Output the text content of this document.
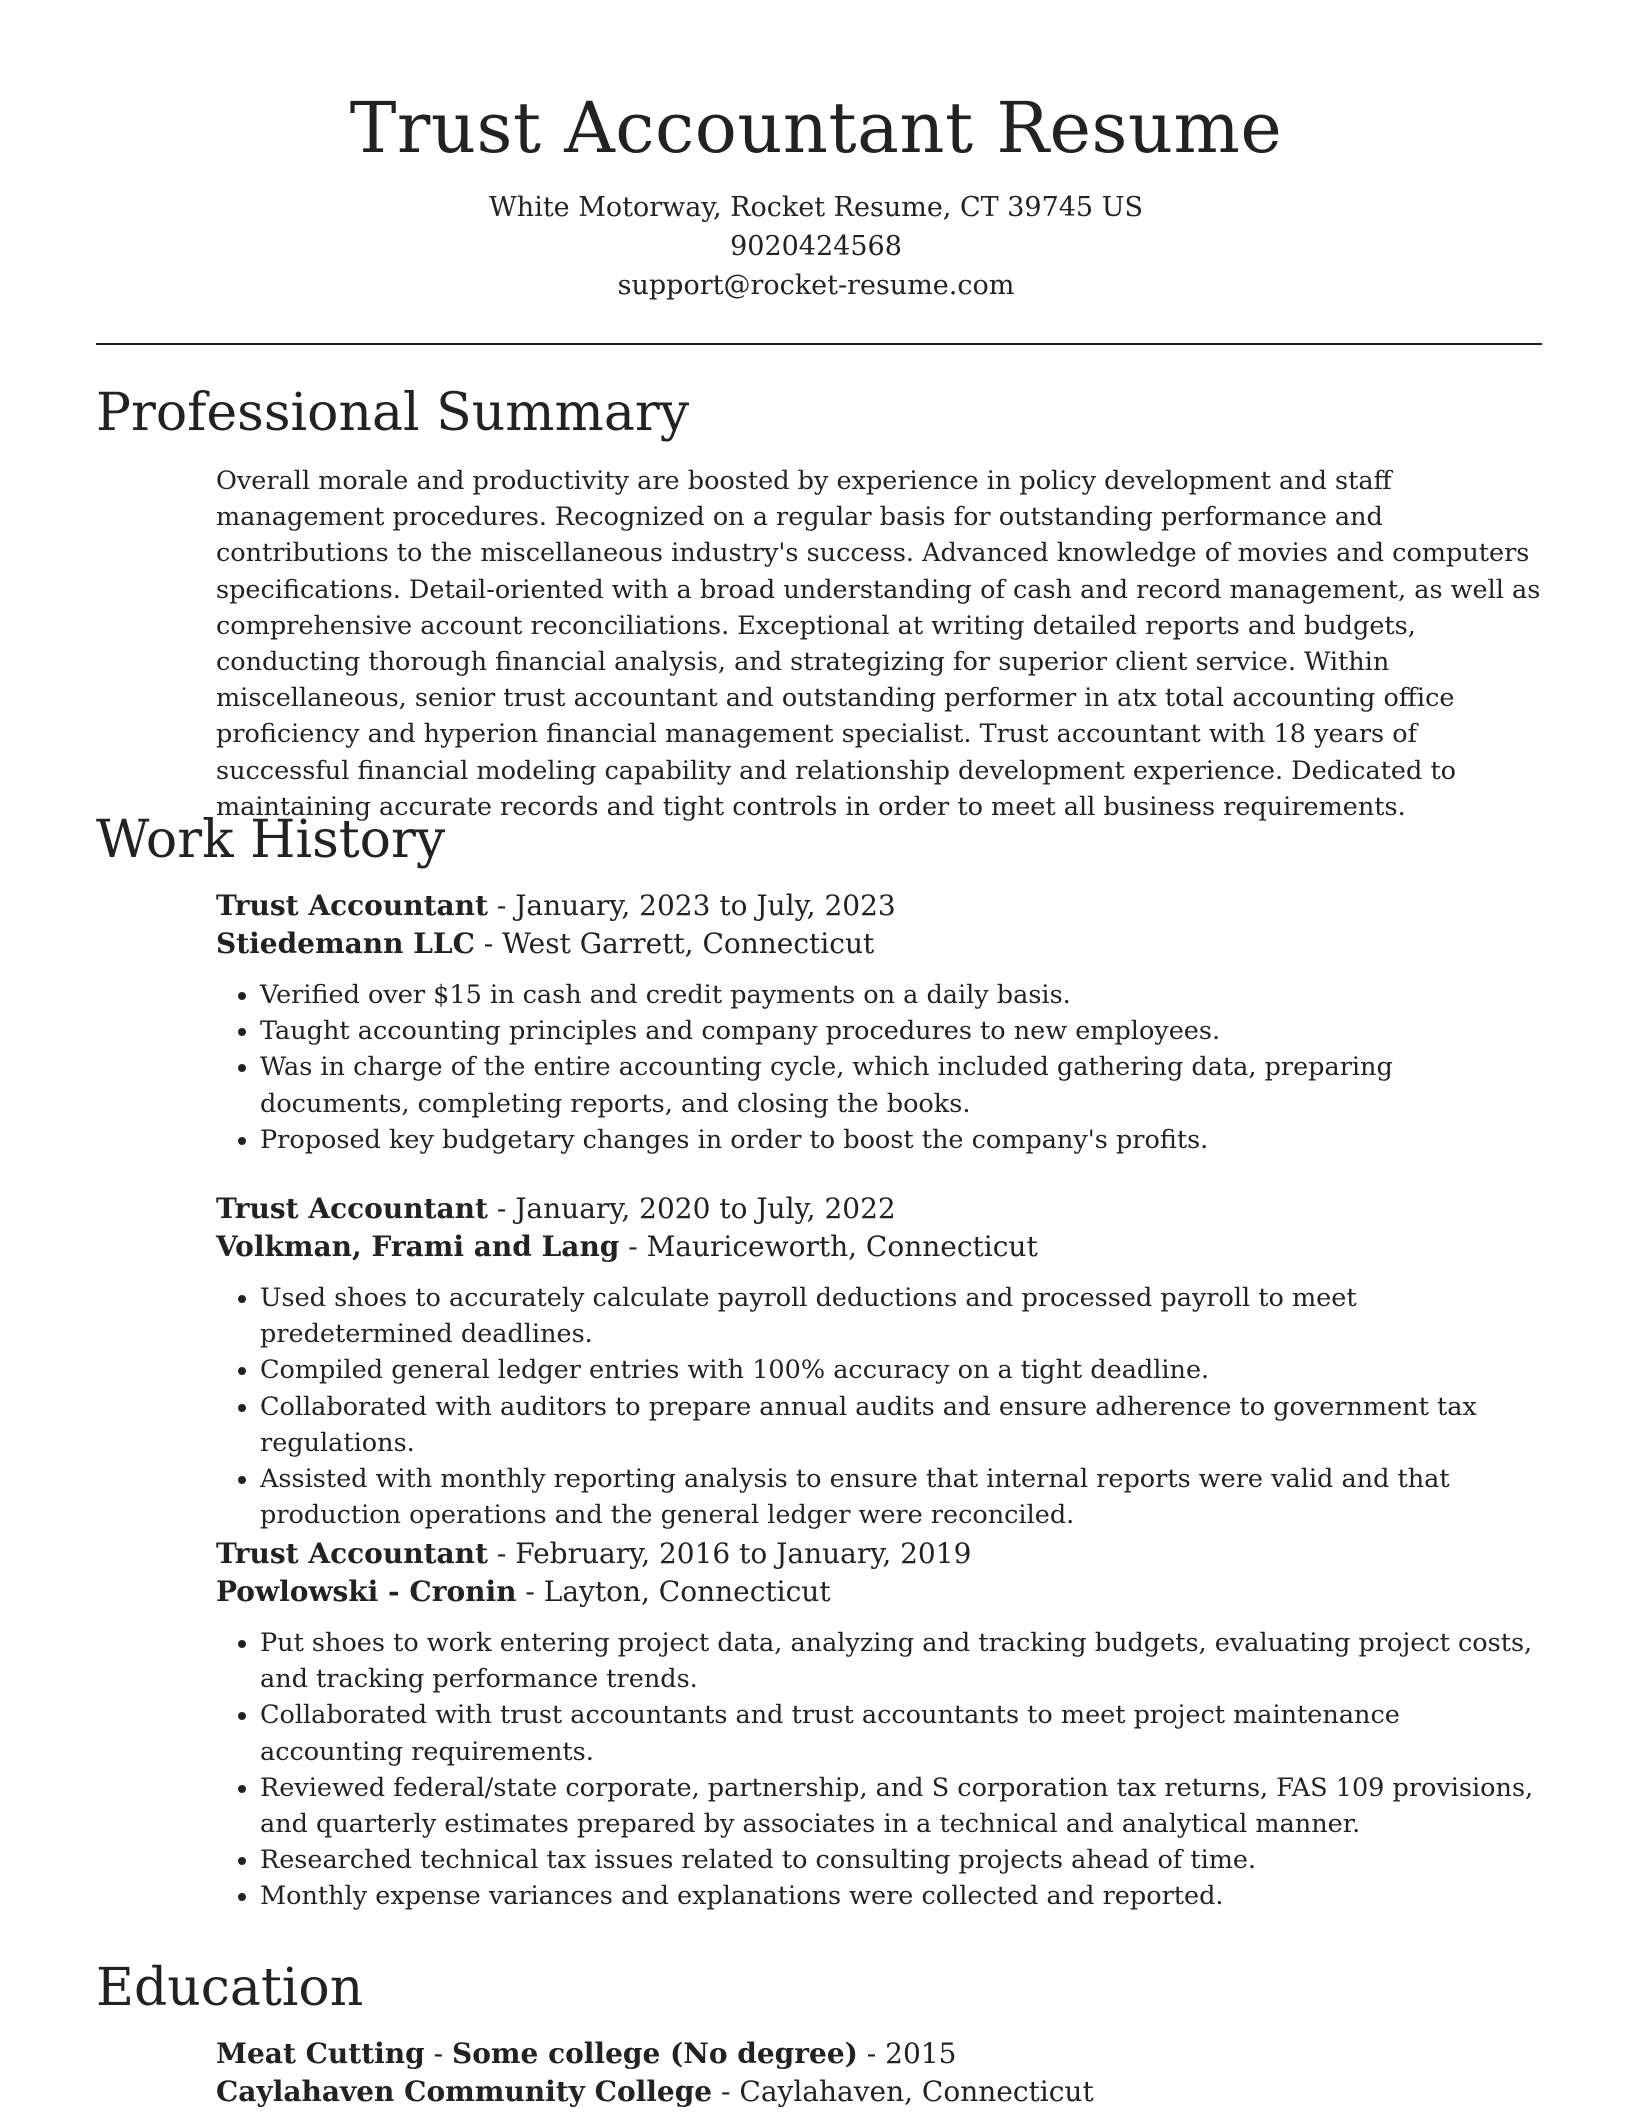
Trust Accountant Resume
White Motorway, Rocket Resume, CT 39745 US
9020424568
support@rocket-resume.com
Professional Summary

Overall morale and productivity are boosted by experience in policy development and staff management procedures. Recognized on a regular basis for outstanding performance and contributions to the miscellaneous industry's success. Advanced knowledge of movies and computers specifications. Detail-oriented with a broad understanding of cash and record management, as well as comprehensive account reconciliations. Exceptional at writing detailed reports and budgets, conducting thorough financial analysis, and strategizing for superior client service. Within miscellaneous, senior trust accountant and outstanding performer in atx total accounting office proficiency and hyperion financial management specialist. Trust accountant with 18 years of successful financial modeling capability and relationship development experience. Dedicated to maintaining accurate records and tight controls in order to meet all business requirements.

Work History
Trust Accountant - January, 2023 to July, 2023
Stiedemann LLC - West Garrett, Connecticut
• Verified over $15 in cash and credit payments on a daily basis.
• Taught accounting principles and company procedures to new employees.
• Was in charge of the entire accounting cycle, which included gathering data, preparing documents, completing reports, and closing the books.
• Proposed key budgetary changes in order to boost the company's profits.
Trust Accountant - January, 2020 to July, 2022
Volkman, Frami and Lang - Mauriceworth, Connecticut
• Used shoes to accurately calculate payroll deductions and processed payroll to meet predetermined deadlines.
• Compiled general ledger entries with 100% accuracy on a tight deadline.
• Collaborated with auditors to prepare annual audits and ensure adherence to government tax regulations.
• Assisted with monthly reporting analysis to ensure that internal reports were valid and that production operations and the general ledger were reconciled.
Trust Accountant - February, 2016 to January, 2019
Powlowski - Cronin - Layton, Connecticut
• Put shoes to work entering project data, analyzing and tracking budgets, evaluating project costs, and tracking performance trends.
• Collaborated with trust accountants and trust accountants to meet project maintenance accounting requirements.
• Reviewed federal/state corporate, partnership, and S corporation tax returns, FAS 109 provisions, and quarterly estimates prepared by associates in a technical and analytical manner.
• Researched technical tax issues related to consulting projects ahead of time.
• Monthly expense variances and explanations were collected and reported.
Education
Meat Cutting - Some college (No degree) - 2015
Caylahaven Community College - Caylahaven, Connecticut
